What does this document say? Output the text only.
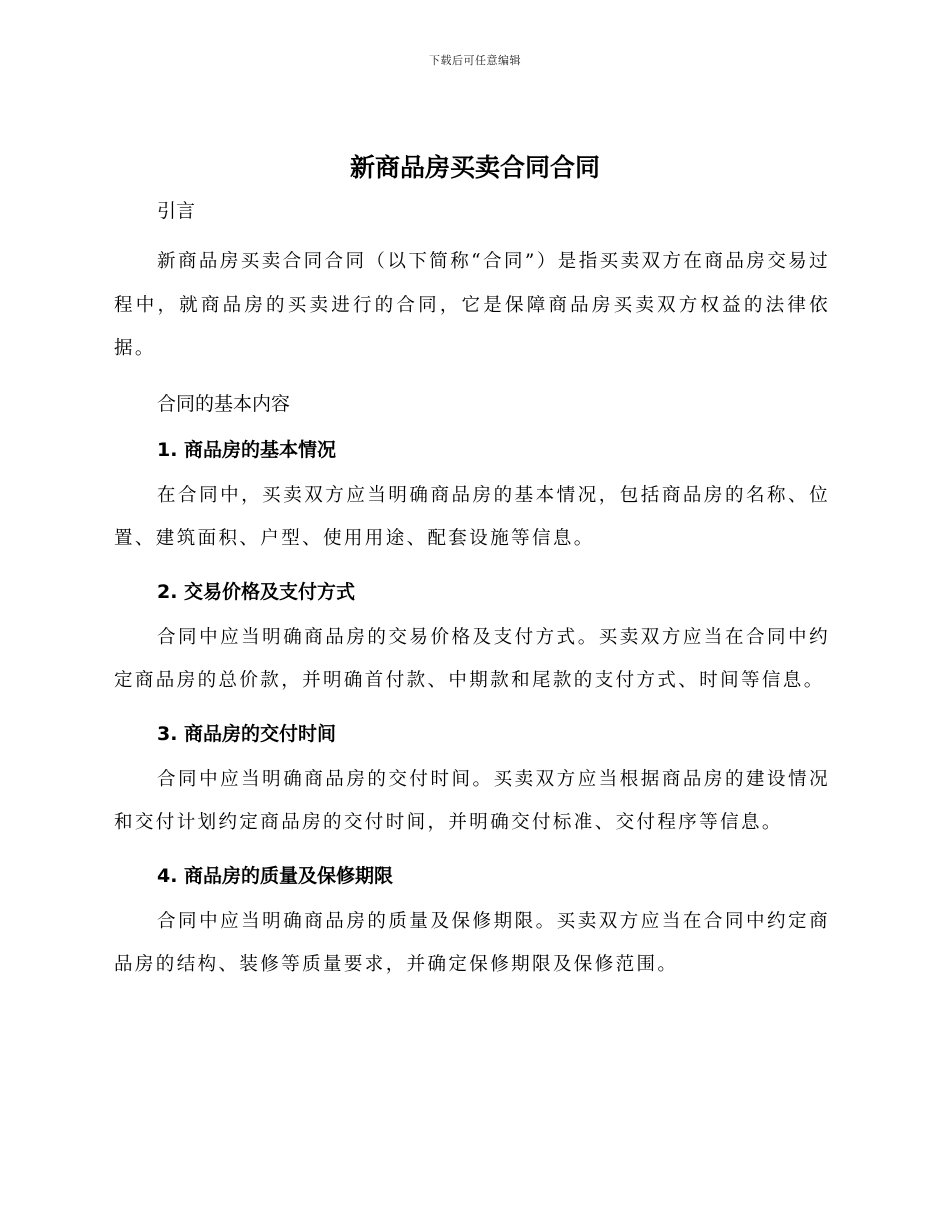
下载后可任意编辑
新商品房买卖合同合同
引言

新商品房买卖合同合同（以下简称“合同”）是指买卖双方在商品房交易过程中，就商品房的买卖进行的合同，它是保障商品房买卖双方权益的法律依据。

合同的基本内容
1. 商品房的基本情况

在合同中，买卖双方应当明确商品房的基本情况，包括商品房的名称、位置、建筑面积、户型、使用用途、配套设施等信息。

2. 交易价格及支付方式

合同中应当明确商品房的交易价格及支付方式。买卖双方应当在合同中约定商品房的总价款，并明确首付款、中期款和尾款的支付方式、时间等信息。

3. 商品房的交付时间

合同中应当明确商品房的交付时间。买卖双方应当根据商品房的建设情况和交付计划约定商品房的交付时间，并明确交付标准、交付程序等信息。

4. 商品房的质量及保修期限

合同中应当明确商品房的质量及保修期限。买卖双方应当在合同中约定商品房的结构、装修等质量要求，并确定保修期限及保修范围。
